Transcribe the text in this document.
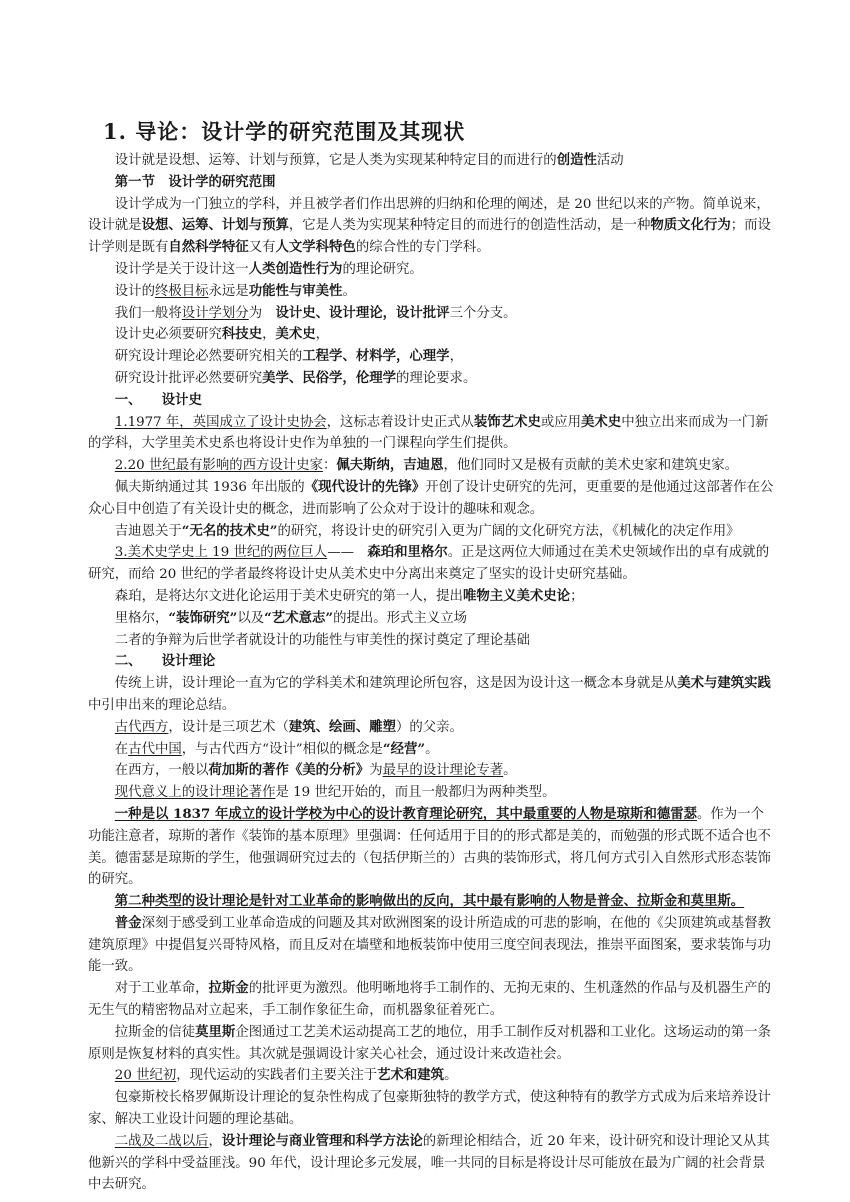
1. 导论：设计学的研究范围及其现状

设计就是设想、运筹、计划与预算，它是人类为实现某种特定目的而进行的创造性活动

第一节　设计学的研究范围

设计学成为一门独立的学科，并且被学者们作出思辨的归纳和伦理的阐述，是 20 世纪以来的产物。简单说来，设计就是设想、运筹、计划与预算，它是人类为实现某种特定目的而进行的创造性活动，是一种物质文化行为；而设计学则是既有自然科学特征又有人文学科特色的综合性的专门学科。

设计学是关于设计这一人类创造性行为的理论研究。

设计的终极目标永远是功能性与审美性。

我们一般将设计学划分为　设计史、设计理论，设计批评三个分支。

设计史必须要研究科技史，美术史，

研究设计理论必然要研究相关的工程学、材料学，心理学，

研究设计批评必然要研究美学、民俗学，伦理学的理论要求。

一、　　设计史

1.1977 年，英国成立了设计史协会，这标志着设计史正式从装饰艺术史或应用美术史中独立出来而成为一门新的学科，大学里美术史系也将设计史作为单独的一门课程向学生们提供。

2.20 世纪最有影响的西方设计史家：佩夫斯纳，吉迪恩，他们同时又是极有贡献的美术史家和建筑史家。

佩夫斯纳通过其 1936 年出版的《现代设计的先锋》开创了设计史研究的先河，更重要的是他通过这部著作在公众心目中创造了有关设计史的概念，进而影响了公众对于设计的趣味和观念。

吉迪恩关于“无名的技术史”的研究，将设计史的研究引入更为广阔的文化研究方法，《机械化的决定作用》

3.美术史学史上 19 世纪的两位巨人——　森珀和里格尔。正是这两位大师通过在美术史领域作出的卓有成就的研究，而给 20 世纪的学者最终将设计史从美术史中分离出来奠定了坚实的设计史研究基础。

森珀，是将达尔文进化论运用于美术史研究的第一人，提出唯物主义美术史论；

里格尔，“装饰研究”以及“艺术意志”的提出。形式主义立场

二者的争辩为后世学者就设计的功能性与审美性的探讨奠定了理论基础

二、　　设计理论

传统上讲，设计理论一直为它的学科美术和建筑理论所包容，这是因为设计这一概念本身就是从美术与建筑实践中引申出来的理论总结。

古代西方，设计是三项艺术（建筑、绘画、雕塑）的父亲。

在古代中国，与古代西方“设计”相似的概念是“经营”。

在西方，一般以荷加斯的著作《美的分析》为最早的设计理论专著。

现代意义上的设计理论著作是 19 世纪开始的，而且一般都归为两种类型。

一种是以 1837 年成立的设计学校为中心的设计教育理论研究，其中最重要的人物是琼斯和德雷瑟。作为一个功能注意者，琼斯的著作《装饰的基本原理》里强调：任何适用于目的的形式都是美的，而勉强的形式既不适合也不美。德雷瑟是琼斯的学生，他强调研究过去的（包括伊斯兰的）古典的装饰形式，将几何方式引入自然形式形态装饰的研究。

第二种类型的设计理论是针对工业革命的影响做出的反向，其中最有影响的人物是普金、拉斯金和莫里斯。

普金深刻于感受到工业革命造成的问题及其对欧洲图案的设计所造成的可悲的影响，在他的《尖顶建筑或基督教建筑原理》中提倡复兴哥特风格，而且反对在墙壁和地板装饰中使用三度空间表现法，推崇平面图案，要求装饰与功能一致。

对于工业革命，拉斯金的批评更为激烈。他明晰地将手工制作的、无拘无束的、生机蓬然的作品与及机器生产的无生气的精密物品对立起来，手工制作象征生命，而机器象征着死亡。

拉斯金的信徒莫里斯企图通过工艺美术运动提高工艺的地位，用手工制作反对机器和工业化。这场运动的第一条原则是恢复材料的真实性。其次就是强调设计家关心社会，通过设计来改造社会。

20 世纪初，现代运动的实践者们主要关注于艺术和建筑。

包豪斯校长格罗佩斯设计理论的复杂性构成了包豪斯独特的教学方式，使这种特有的教学方式成为后来培养设计家、解决工业设计问题的理论基础。

二战及二战以后，设计理论与商业管理和科学方法论的新理论相结合，近 20 年来，设计研究和设计理论又从其他新兴的学科中受益匪浅。90 年代，设计理论多元发展，唯一共同的目标是将设计尽可能放在最为广阔的社会背景中去研究。
